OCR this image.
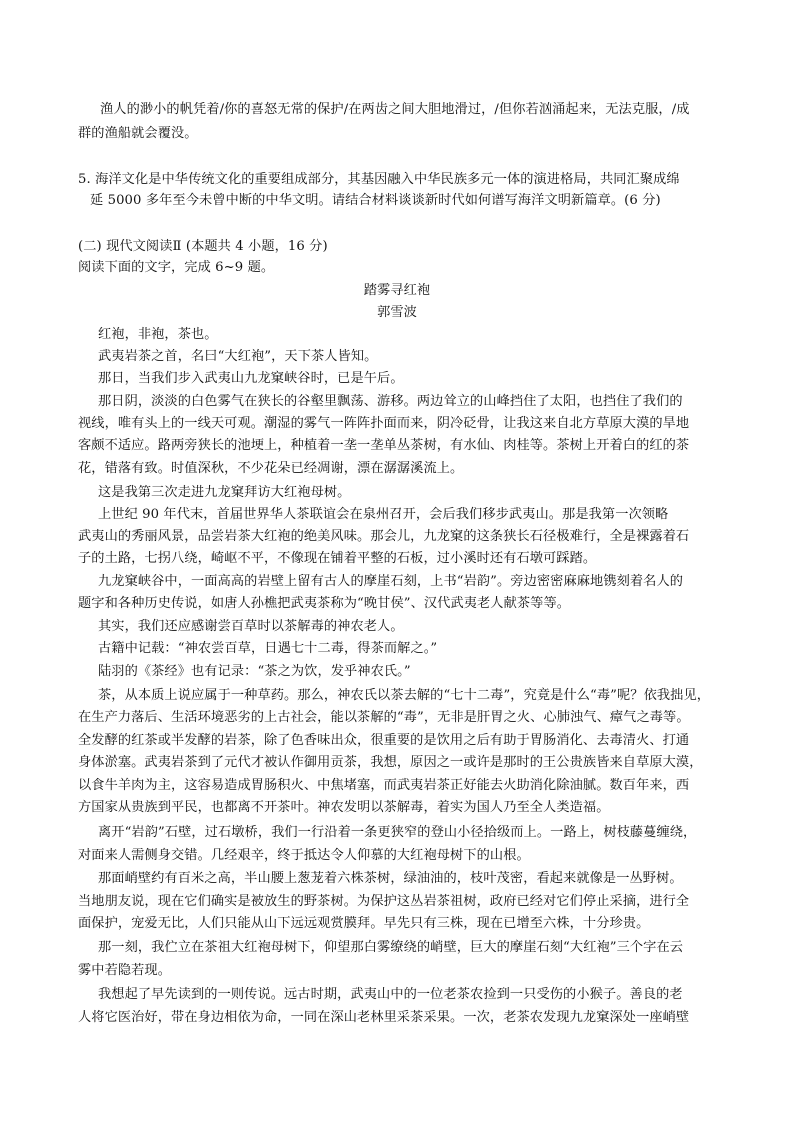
渔人的渺小的帆凭着/你的喜怒无常的保护/在两齿之间大胆地滑过，/但你若汹涌起来，无法克服，/成
群的渔船就会覆没。
5. 海洋文化是中华传统文化的重要组成部分，其基因融入中华民族多元一体的演进格局，共同汇聚成绵
延 5000 多年至今未曾中断的中华文明。请结合材料谈谈新时代如何谱写海洋文明新篇章。(6 分)
(二) 现代文阅读Ⅱ (本题共 4 小题，16 分)
阅读下面的文字，完成 6~9 题。
踏雾寻红袍
郭雪波
红袍，非袍，茶也。
武夷岩茶之首，名曰“大红袍”，天下茶人皆知。
那日，当我们步入武夷山九龙窠峡谷时，已是午后。
那日阴，淡淡的白色雾气在狭长的谷壑里飘荡、游移。两边耸立的山峰挡住了太阳，也挡住了我们的
视线，唯有头上的一线天可观。潮湿的雾气一阵阵扑面而来，阴冷砭骨，让我这来自北方草原大漠的旱地
客颇不适应。路两旁狭长的池埂上，种植着一垄一垄单丛茶树，有水仙、肉桂等。茶树上开着白的红的茶
花，错落有致。时值深秋，不少花朵已经凋谢，漂在潺潺溪流上。
这是我第三次走进九龙窠拜访大红袍母树。
上世纪 90 年代末，首届世界华人茶联谊会在泉州召开，会后我们移步武夷山。那是我第一次领略
武夷山的秀丽风景，品尝岩茶大红袍的绝美风味。那会儿，九龙窠的这条狭长石径极难行，全是裸露着石
子的土路，七拐八绕，崎岖不平，不像现在铺着平整的石板，过小溪时还有石墩可踩踏。
九龙窠峡谷中，一面高高的岩壁上留有古人的摩崖石刻，上书“岩韵”。旁边密密麻麻地镌刻着名人的
题字和各种历史传说，如唐人孙樵把武夷茶称为“晚甘侯”、汉代武夷老人献茶等等。
其实，我们还应感谢尝百草时以茶解毒的神农老人。
古籍中记载：“神农尝百草，日遇七十二毒，得茶而解之。”
陆羽的《茶经》也有记录：“茶之为饮，发乎神农氏。”
茶，从本质上说应属于一种草药。那么，神农氏以茶去解的“七十二毒”，究竟是什么“毒”呢？依我拙见，
在生产力落后、生活环境恶劣的上古社会，能以茶解的“毒”，无非是肝胃之火、心肺浊气、瘴气之毒等。
全发酵的红茶或半发酵的岩茶，除了色香味出众，很重要的是饮用之后有助于胃肠消化、去毒清火、打通
身体淤塞。武夷岩茶到了元代才被认作御用贡茶，我想，原因之一或许是那时的王公贵族皆来自草原大漠，
以食牛羊肉为主，这容易造成胃肠积火、中焦堵塞，而武夷岩茶正好能去火助消化除油腻。数百年来，西
方国家从贵族到平民，也都离不开茶叶。神农发明以茶解毒，着实为国人乃至全人类造福。
离开“岩韵”石壁，过石墩桥，我们一行沿着一条更狭窄的登山小径拾级而上。一路上，树枝藤蔓缠绕，
对面来人需侧身交错。几经艰辛，终于抵达令人仰慕的大红袍母树下的山根。
那面峭壁约有百米之高，半山腰上葱茏着六株茶树，绿油油的，枝叶茂密，看起来就像是一丛野树。
当地朋友说，现在它们确实是被放生的野茶树。为保护这丛岩茶祖树，政府已经对它们停止采摘，进行全
面保护，宠爱无比，人们只能从山下远远观赏膜拜。早先只有三株，现在已增至六株，十分珍贵。
那一刻，我伫立在茶祖大红袍母树下，仰望那白雾缭绕的峭壁，巨大的摩崖石刻“大红袍”三个字在云
雾中若隐若现。
我想起了早先读到的一则传说。远古时期，武夷山中的一位老茶农捡到一只受伤的小猴子。善良的老
人将它医治好，带在身边相依为命，一同在深山老林里采茶采果。一次，老茶农发现九龙窠深处一座峭壁
